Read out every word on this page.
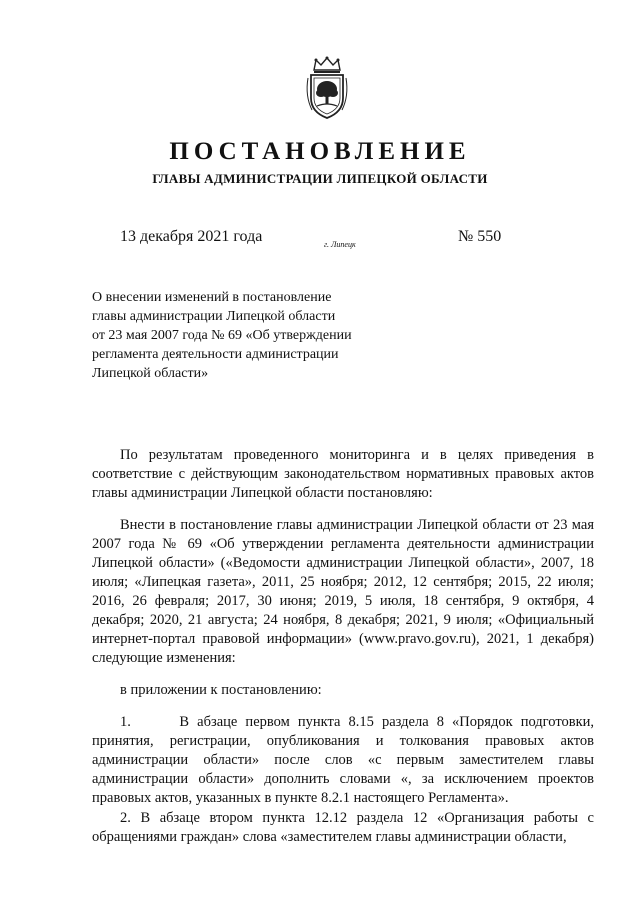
ПОСТАНОВЛЕНИЕ
ГЛАВЫ АДМИНИСТРАЦИИ ЛИПЕЦКОЙ ОБЛАСТИ
13 декабря 2021 года	г. Липецк	№ 550
О внесении изменений в постановление
главы администрации Липецкой области
от 23 мая 2007 года № 69 «Об утверждении
регламента деятельности администрации
Липецкой области»

По результатам проведенного мониторинга и в целях приведения в соответствие с действующим законодательством нормативных правовых актов главы администрации Липецкой области постановляю:

Внести в постановление главы администрации Липецкой области от 23 мая 2007 года № 69 «Об утверждении регламента деятельности администрации Липецкой области» («Ведомости администрации Липецкой области», 2007, 18 июля; «Липецкая газета», 2011, 25 ноября; 2012, 12 сентября; 2015, 22 июля; 2016, 26 февраля; 2017, 30 июня; 2019, 5 июля, 18 сентября, 9 октября, 4 декабря; 2020, 21 августа; 24 ноября, 8 декабря; 2021, 9 июля; «Официальный интернет-портал правовой информации» (www.pravo.gov.ru), 2021, 1 декабря) следующие изменения:

в приложении к постановлению:

1.      В абзаце первом пункта 8.15 раздела 8 «Порядок подготовки, принятия, регистрации, опубликования и толкования правовых актов администрации области» после слов «с первым заместителем главы администрации области» дополнить словами «, за исключением проектов правовых актов, указанных в пункте 8.2.1 настоящего Регламента».

2. В абзаце втором пункта 12.12 раздела 12 «Организация работы с обращениями граждан» слова «заместителем главы администрации области,
